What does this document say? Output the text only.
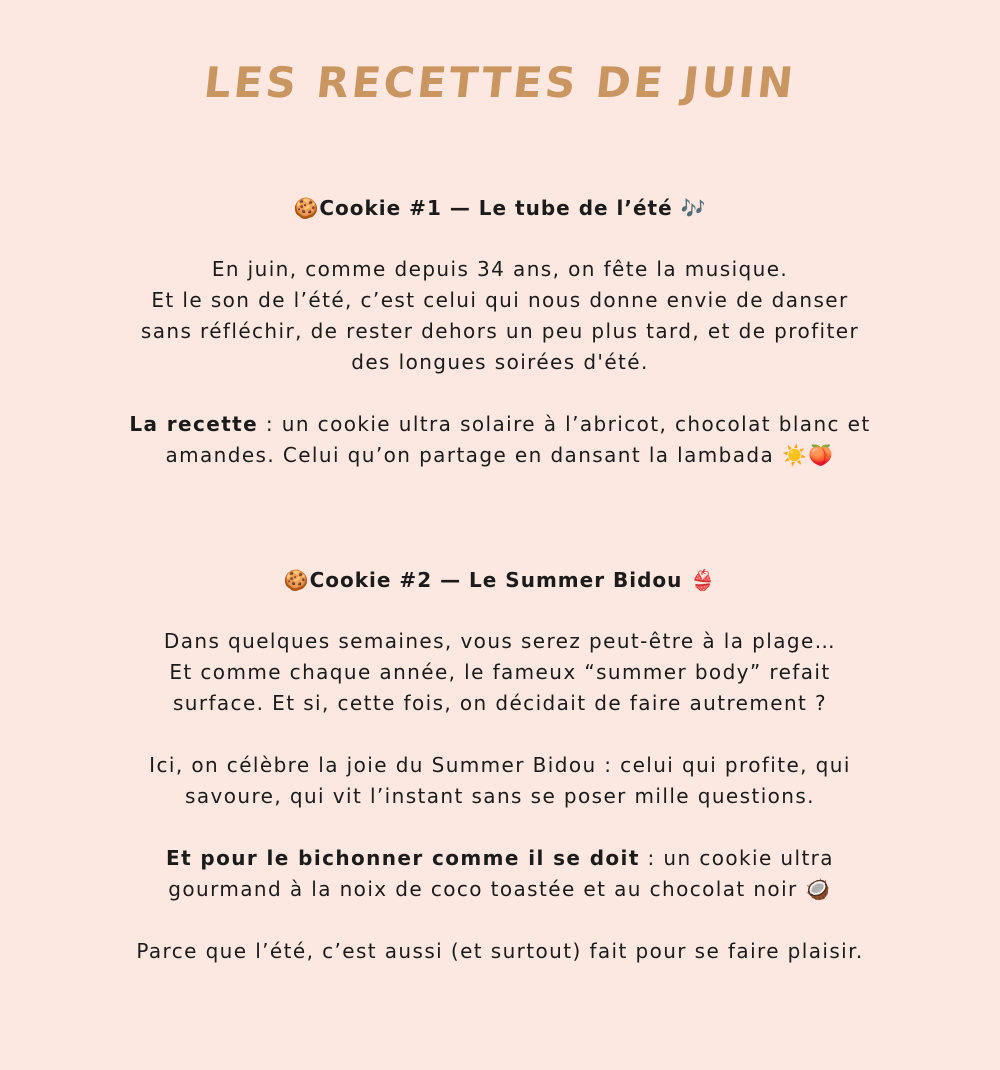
LES RECETTES DE JUIN

🍪Cookie #1 — Le tube de l’été 🎶

En juin, comme depuis 34 ans, on fête la musique.
Et le son de l’été, c’est celui qui nous donne envie de danser
sans réfléchir, de rester dehors un peu plus tard, et de profiter
des longues soirées d'été.

La recette : un cookie ultra solaire à l’abricot, chocolat blanc et
amandes. Celui qu’on partage en dansant la lambada ☀️🍑

🍪Cookie #2 — Le Summer Bidou 👙

Dans quelques semaines, vous serez peut-être à la plage…
Et comme chaque année, le fameux “summer body” refait
surface. Et si, cette fois, on décidait de faire autrement ?

Ici, on célèbre la joie du Summer Bidou : celui qui profite, qui
savoure, qui vit l’instant sans se poser mille questions.

Et pour le bichonner comme il se doit : un cookie ultra
gourmand à la noix de coco toastée et au chocolat noir 🥥

Parce que l’été, c’est aussi (et surtout) fait pour se faire plaisir.
